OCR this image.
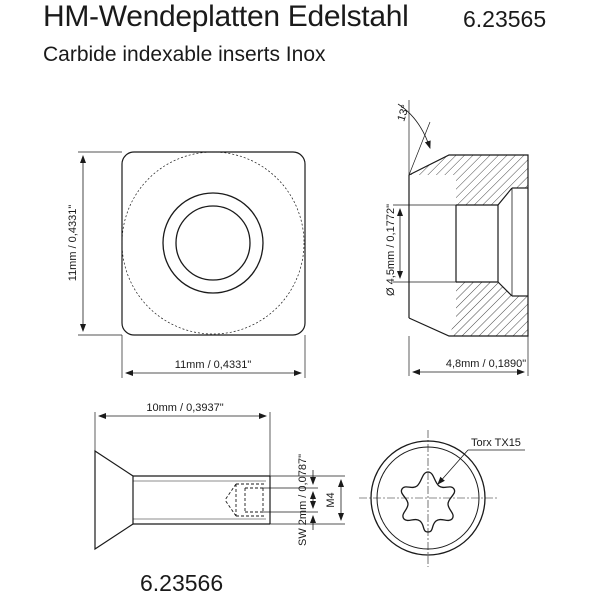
HM-Wendeplatten Edelstahl 6.23565
Carbide indexable inserts Inox
11mm / 0,4331"
11mm / 0,4331"
13°
Ø 4,5mm / 0,1772"
4,8mm / 0,1890"
10mm / 0,3937"
SW 2mm / 0,0787" M4
Torx TX15
6.23566
